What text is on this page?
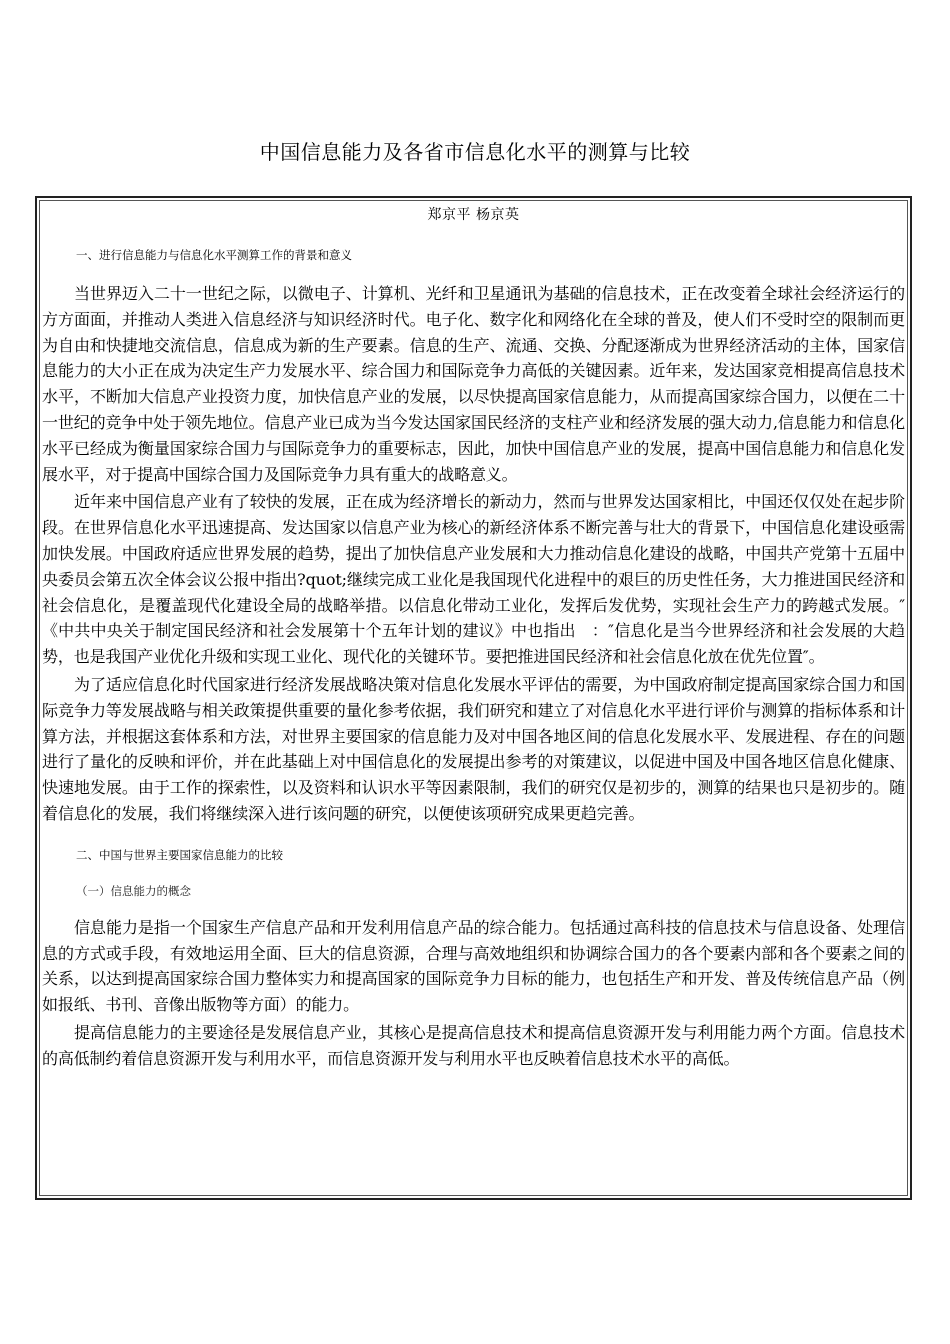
中国信息能力及各省市信息化水平的测算与比较
郑京平 杨京英
一、进行信息能力与信息化水平测算工作的背景和意义

当世界迈入二十一世纪之际，以微电子、计算机、光纤和卫星通讯为基础的信息技术，正在改变着全球社会经济运行的方方面面，并推动人类进入信息经济与知识经济时代。电子化、数字化和网络化在全球的普及，使人们不受时空的限制而更为自由和快捷地交流信息，信息成为新的生产要素。信息的生产、流通、交换、分配逐渐成为世界经济活动的主体，国家信息能力的大小正在成为决定生产力发展水平、综合国力和国际竞争力高低的关键因素。近年来，发达国家竞相提高信息技术水平，不断加大信息产业投资力度，加快信息产业的发展，以尽快提高国家信息能力，从而提高国家综合国力，以便在二十一世纪的竞争中处于领先地位。信息产业已成为当今发达国家国民经济的支柱产业和经济发展的强大动力,信息能力和信息化水平已经成为衡量国家综合国力与国际竞争力的重要标志，因此，加快中国信息产业的发展，提高中国信息能力和信息化发展水平，对于提高中国综合国力及国际竞争力具有重大的战略意义。

近年来中国信息产业有了较快的发展，正在成为经济增长的新动力，然而与世界发达国家相比，中国还仅仅处在起步阶段。在世界信息化水平迅速提高、发达国家以信息产业为核心的新经济体系不断完善与壮大的背景下，中国信息化建设亟需加快发展。中国政府适应世界发展的趋势，提出了加快信息产业发展和大力推动信息化建设的战略，中国共产党第十五届中央委员会第五次全体会议公报中指出?quot;继续完成工业化是我国现代化进程中的艰巨的历史性任务，大力推进国民经济和社会信息化，是覆盖现代化建设全局的战略举措。以信息化带动工业化，发挥后发优势，实现社会生产力的跨越式发展。″　《中共中央关于制定国民经济和社会发展第十个五年计划的建议》中也指出　：″信息化是当今世界经济和社会发展的大趋势，也是我国产业优化升级和实现工业化、现代化的关键环节。要把推进国民经济和社会信息化放在优先位置″。

为了适应信息化时代国家进行经济发展战略决策对信息化发展水平评估的需要，为中国政府制定提高国家综合国力和国际竞争力等发展战略与相关政策提供重要的量化参考依据，我们研究和建立了对信息化水平进行评价与测算的指标体系和计算方法，并根据这套体系和方法，对世界主要国家的信息能力及对中国各地区间的信息化发展水平、发展进程、存在的问题进行了量化的反映和评价，并在此基础上对中国信息化的发展提出参考的对策建议，以促进中国及中国各地区信息化健康、快速地发展。由于工作的探索性，以及资料和认识水平等因素限制，我们的研究仅是初步的，测算的结果也只是初步的。随着信息化的发展，我们将继续深入进行该问题的研究，以便使该项研究成果更趋完善。

二、中国与世界主要国家信息能力的比较
（一）信息能力的概念

信息能力是指一个国家生产信息产品和开发利用信息产品的综合能力。包括通过高科技的信息技术与信息设备、处理信息的方式或手段，有效地运用全面、巨大的信息资源，合理与高效地组织和协调综合国力的各个要素内部和各个要素之间的关系，以达到提高国家综合国力整体实力和提高国家的国际竞争力目标的能力，也包括生产和开发、普及传统信息产品（例如报纸、书刊、音像出版物等方面）的能力。

提高信息能力的主要途径是发展信息产业，其核心是提高信息技术和提高信息资源开发与利用能力两个方面。信息技术的高低制约着信息资源开发与利用水平，而信息资源开发与利用水平也反映着信息技术水平的高低。
